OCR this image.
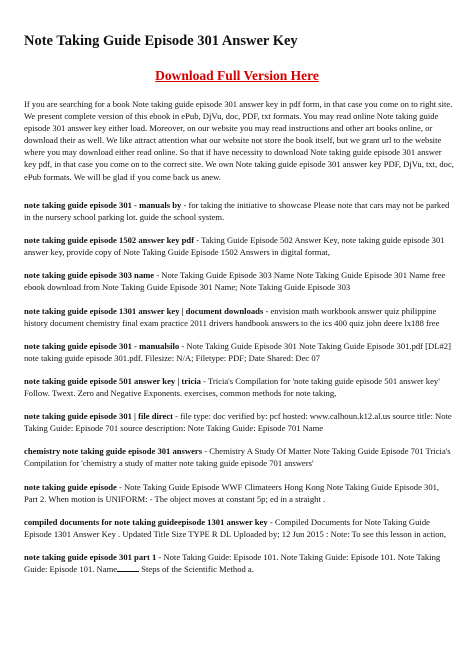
Note Taking Guide Episode 301 Answer Key
Download Full Version Here

If you are searching for a book Note taking guide episode 301 answer key in pdf form, in that case you come on to right site. We present complete version of this ebook in ePub, DjVu, doc, PDF, txt formats. You may read online Note taking guide episode 301 answer key either load. Moreover, on our website you may read instructions and other art books online, or download their as well. We like attract attention what our website not store the book itself, but we grant url to the website where you may download either read online. So that if have necessity to download Note taking guide episode 301 answer key pdf, in that case you come on to the correct site. We own Note taking guide episode 301 answer key PDF, DjVu, txt, doc, ePub formats. We will be glad if you come back us anew.

note taking guide episode 301 - manuals by - for taking the initiative to showcase Please note that cars may not be parked in the nursery school parking lot. guide the school system.

note taking guide episode 1502 answer key pdf - Taking Guide Episode 502 Answer Key, note taking guide episode 301 answer key, provide copy of Note Taking Guide Episode 1502 Answers in digital format,

note taking guide episode 303 name - Note Taking Guide Episode 303 Name Note Taking Guide Episode 301 Name free ebook download from Note Taking Guide Episode 301 Name; Note Taking Guide Episode 303

note taking guide episode 1301 answer key | document downloads - envision math workbook answer quiz philippine history document chemistry final exam practice 2011 drivers handbook answers to the ics 400 quiz john deere lx188 free

note taking guide episode 301 - manualsilo - Note Taking Guide Episode 301 Note Taking Guide Episode 301.pdf [DL#2] note taking guide episode 301.pdf. Filesize: N/A; Filetype: PDF; Date Shared: Dec 07

note taking guide episode 501 answer key | tricia - Tricia's Compilation for 'note taking guide episode 501 answer key' Follow. Twext. Zero and Negative Exponents. exercises, common methods for note taking,

note taking guide episode 301 | file direct - file type: doc verified by: pcf hosted: www.calhoun.k12.al.us source title: Note Taking Guide: Episode 701 source description: Note Taking Guide: Episode 701 Name

chemistry note taking guide episode 301 answers - Chemistry A Study Of Matter Note Taking Guide Episode 701 Tricia's Compilation for 'chemistry a study of matter note taking guide episode 701 answers'

note taking guide episode - Note Taking Guide Episode WWF Climateers Hong Kong Note Taking Guide Episode 301, Part 2. When motion is UNIFORM: - The object moves at constant 5p; ed in a straight .

compiled documents for note taking guideepisode 1301 answer key - Compiled Documents for Note Taking Guide Episode 1301 Answer Key . Updated Title Size TYPE R DL Uploaded by; 12 Jun 2015 : Note: To see this lesson in action,

note taking guide episode 301 part 1 - Note Taking Guide: Episode 101. Note Taking Guide: Episode 101. Note Taking Guide: Episode 101. Name	Steps of the Scientific Method a.
